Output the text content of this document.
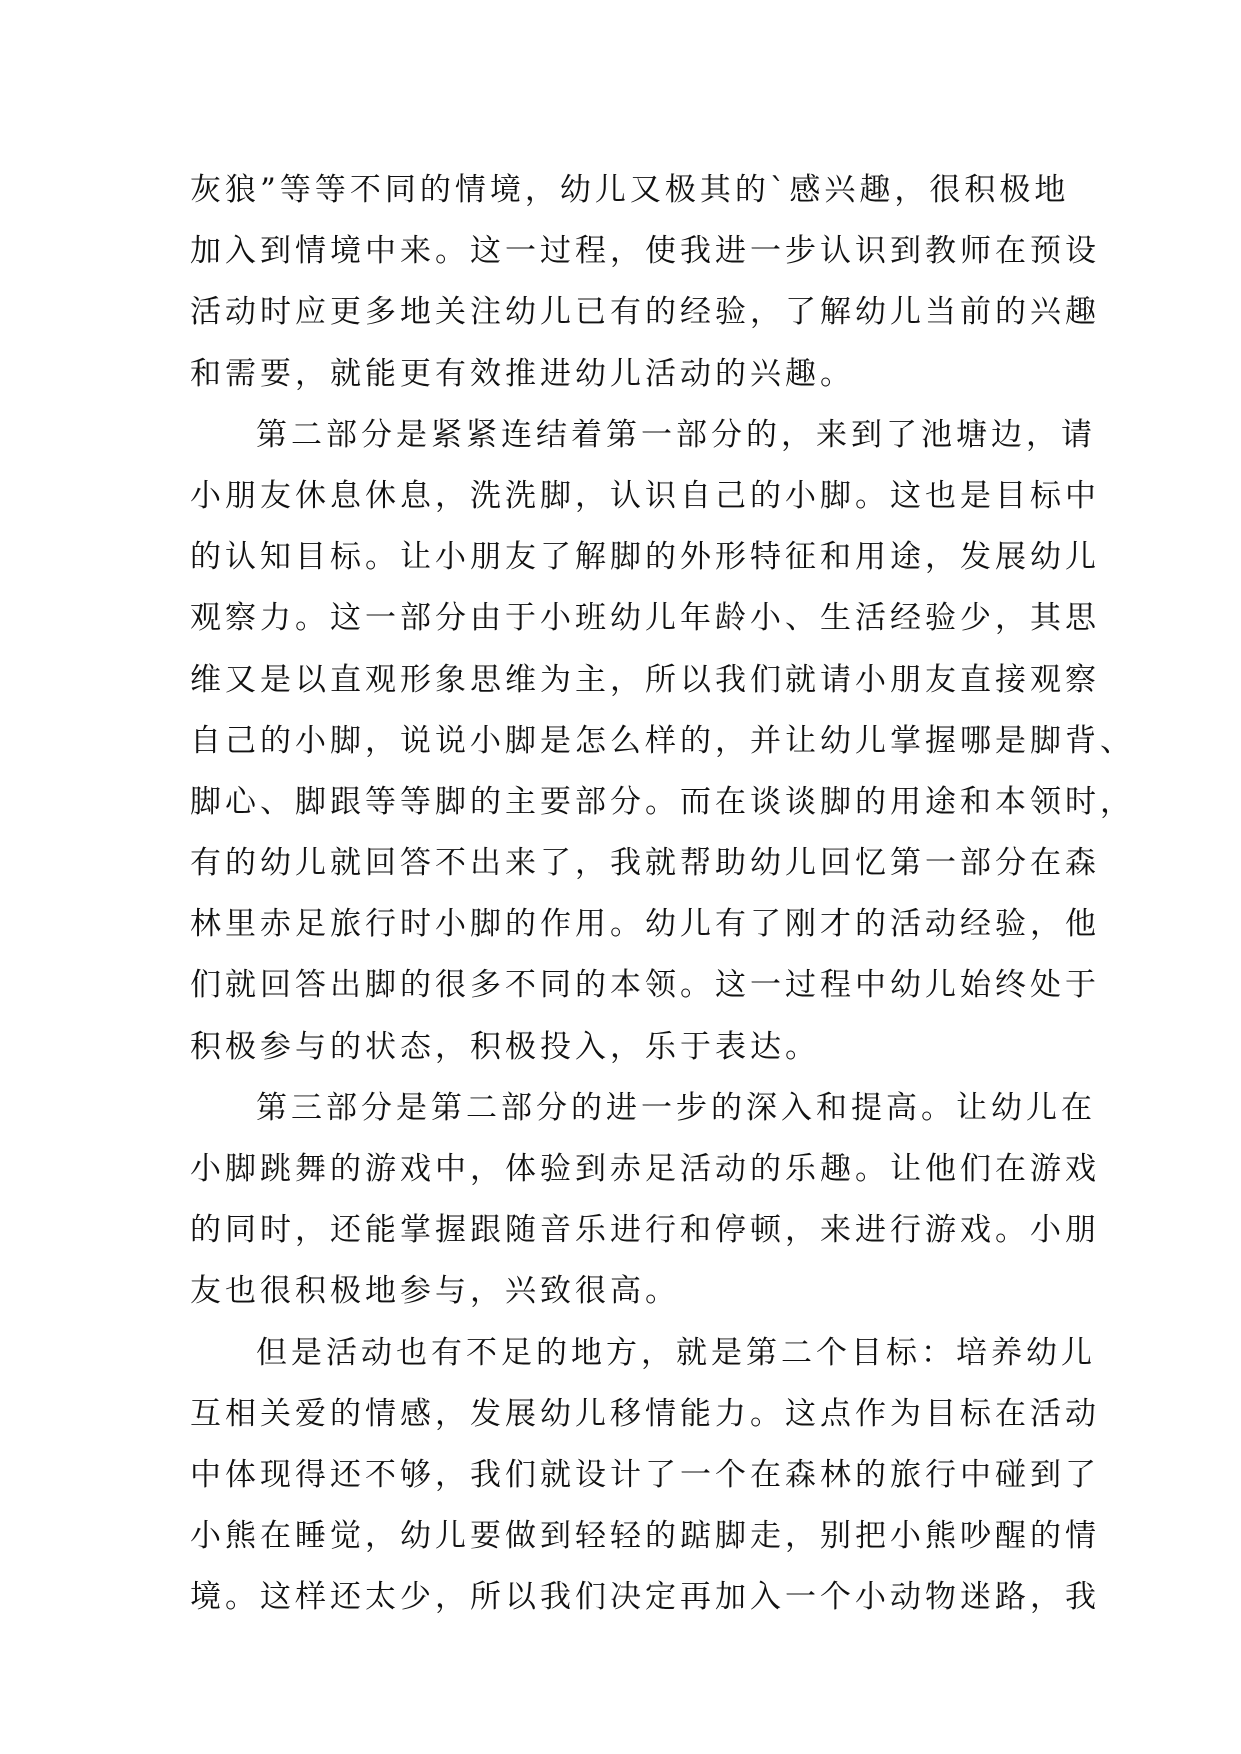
灰狼”等等不同的情境，幼儿又极其的`感兴趣，很积极地
加入到情境中来。这一过程，使我进一步认识到教师在预设
活动时应更多地关注幼儿已有的经验，了解幼儿当前的兴趣
和需要，就能更有效推进幼儿活动的兴趣。
第二部分是紧紧连结着第一部分的，来到了池塘边，请
小朋友休息休息，洗洗脚，认识自己的小脚。这也是目标中
的认知目标。让小朋友了解脚的外形特征和用途，发展幼儿
观察力。这一部分由于小班幼儿年龄小、生活经验少，其思
维又是以直观形象思维为主，所以我们就请小朋友直接观察
自己的小脚，说说小脚是怎么样的，并让幼儿掌握哪是脚背、
脚心、脚跟等等脚的主要部分。而在谈谈脚的用途和本领时，
有的幼儿就回答不出来了，我就帮助幼儿回忆第一部分在森
林里赤足旅行时小脚的作用。幼儿有了刚才的活动经验，他
们就回答出脚的很多不同的本领。这一过程中幼儿始终处于
积极参与的状态，积极投入，乐于表达。
第三部分是第二部分的进一步的深入和提高。让幼儿在
小脚跳舞的游戏中，体验到赤足活动的乐趣。让他们在游戏
的同时，还能掌握跟随音乐进行和停顿，来进行游戏。小朋
友也很积极地参与，兴致很高。
但是活动也有不足的地方，就是第二个目标：培养幼儿
互相关爱的情感，发展幼儿移情能力。这点作为目标在活动
中体现得还不够，我们就设计了一个在森林的旅行中碰到了
小熊在睡觉，幼儿要做到轻轻的踮脚走，别把小熊吵醒的情
境。这样还太少，所以我们决定再加入一个小动物迷路，我
